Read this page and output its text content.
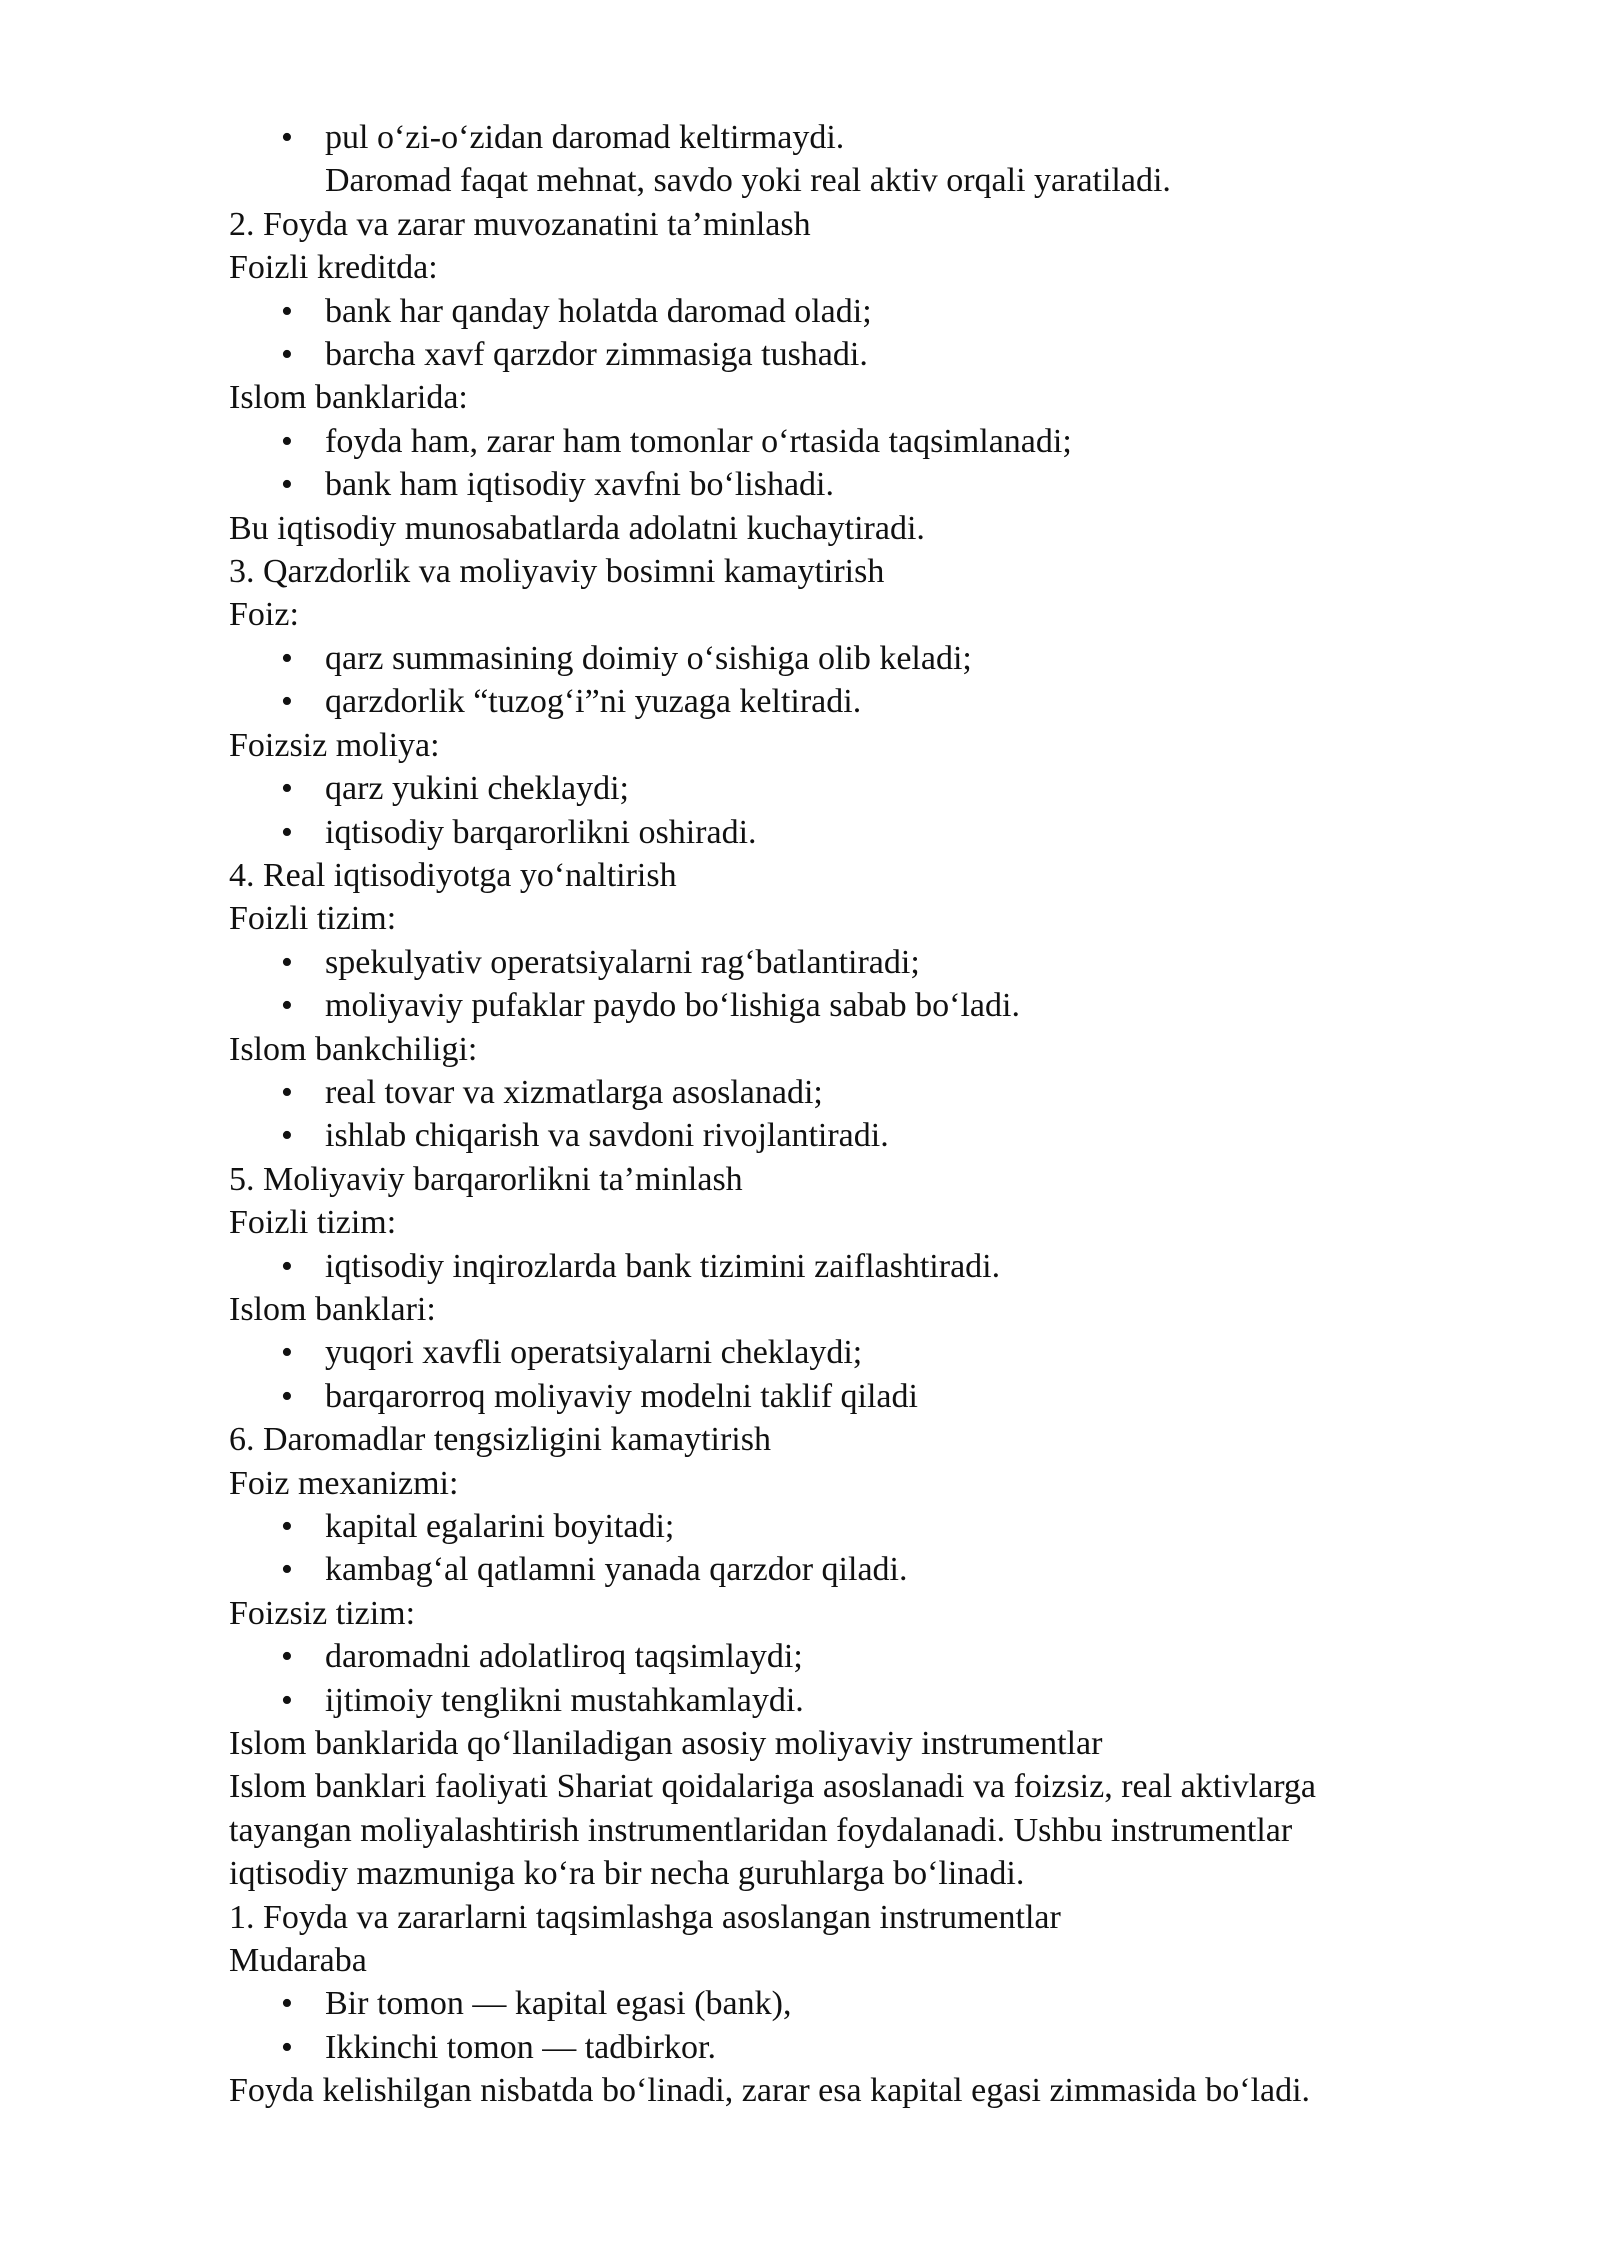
• pul o‘zi-o‘zidan daromad keltirmaydi.
Daromad faqat mehnat, savdo yoki real aktiv orqali yaratiladi.
2. Foyda va zarar muvozanatini ta’minlash
Foizli kreditda:
• bank har qanday holatda daromad oladi;
• barcha xavf qarzdor zimmasiga tushadi.
Islom banklarida:
• foyda ham, zarar ham tomonlar o‘rtasida taqsimlanadi;
• bank ham iqtisodiy xavfni bo‘lishadi.
Bu iqtisodiy munosabatlarda adolatni kuchaytiradi.
3. Qarzdorlik va moliyaviy bosimni kamaytirish
Foiz:
• qarz summasining doimiy o‘sishiga olib keladi;
• qarzdorlik “tuzog‘i”ni yuzaga keltiradi.
Foizsiz moliya:
• qarz yukini cheklaydi;
• iqtisodiy barqarorlikni oshiradi.
4. Real iqtisodiyotga yo‘naltirish
Foizli tizim:
• spekulyativ operatsiyalarni rag‘batlantiradi;
• moliyaviy pufaklar paydo bo‘lishiga sabab bo‘ladi.
Islom bankchiligi:
• real tovar va xizmatlarga asoslanadi;
• ishlab chiqarish va savdoni rivojlantiradi.
5. Moliyaviy barqarorlikni ta’minlash
Foizli tizim:
• iqtisodiy inqirozlarda bank tizimini zaiflashtiradi.
Islom banklari:
• yuqori xavfli operatsiyalarni cheklaydi;
• barqarorroq moliyaviy modelni taklif qiladi
6. Daromadlar tengsizligini kamaytirish
Foiz mexanizmi:
• kapital egalarini boyitadi;
• kambag‘al qatlamni yanada qarzdor qiladi.
Foizsiz tizim:
• daromadni adolatliroq taqsimlaydi;
• ijtimoiy tenglikni mustahkamlaydi.
Islom banklarida qo‘llaniladigan asosiy moliyaviy instrumentlar
Islom banklari faoliyati Shariat qoidalariga asoslanadi va foizsiz, real aktivlarga
tayangan moliyalashtirish instrumentlaridan foydalanadi. Ushbu instrumentlar
iqtisodiy mazmuniga ko‘ra bir necha guruhlarga bo‘linadi.
1. Foyda va zararlarni taqsimlashga asoslangan instrumentlar
Mudaraba
• Bir tomon — kapital egasi (bank),
• Ikkinchi tomon — tadbirkor.
Foyda kelishilgan nisbatda bo‘linadi, zarar esa kapital egasi zimmasida bo‘ladi.
